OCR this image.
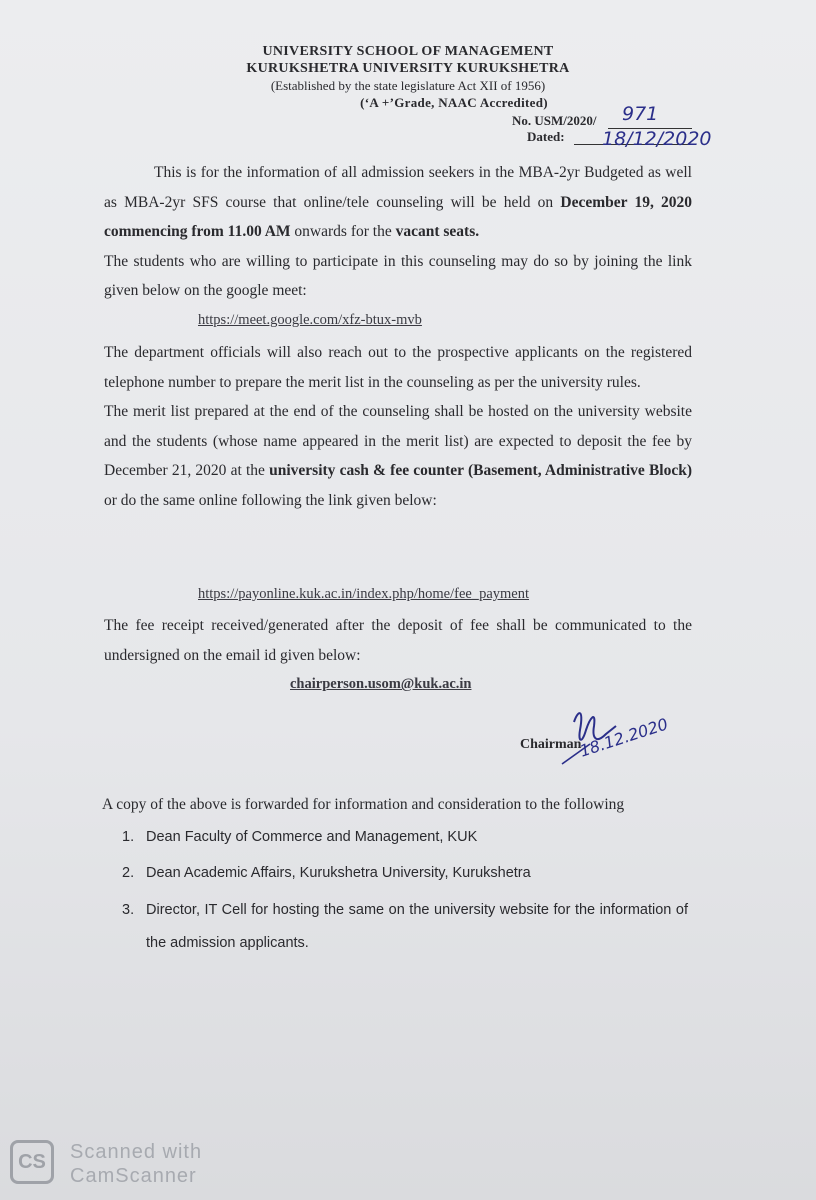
UNIVERSITY SCHOOL OF MANAGEMENT
KURUKSHETRA UNIVERSITY KURUKSHETRA
(Established by the state legislature Act XII of 1956)
(‘A +’Grade, NAAC Accredited)
No. USM/2020/ 971
Dated: 18/12/2020

This is for the information of all admission seekers in the MBA-2yr Budgeted as well as MBA-2yr SFS course that online/tele counseling will be held on December 19, 2020 commencing from 11.00 AM onwards for the vacant seats.

The students who are willing to participate in this counseling may do so by joining the link given below on the google meet:

https://meet.google.com/xfz-btux-mvb

The department officials will also reach out to the prospective applicants on the registered telephone number to prepare the merit list in the counseling as per the university rules.

The merit list prepared at the end of the counseling shall be hosted on the university website and the students (whose name appeared in the merit list) are expected to deposit the fee by December 21, 2020 at the university cash & fee counter (Basement, Administrative Block) or do the same online following the link given below:

https://payonline.kuk.ac.in/index.php/home/fee_payment

The fee receipt received/generated after the deposit of fee shall be communicated to the undersigned on the email id given below:

chairperson.usom@kuk.ac.in
Chairman
18.12.2020
A copy of the above is forwarded for information and consideration to the following
1. Dean Faculty of Commerce and Management, KUK
2. Dean Academic Affairs, Kurukshetra University, Kurukshetra
3. Director, IT Cell for hosting the same on the university website for the information of the admission applicants.
CS Scanned with
CamScanner
